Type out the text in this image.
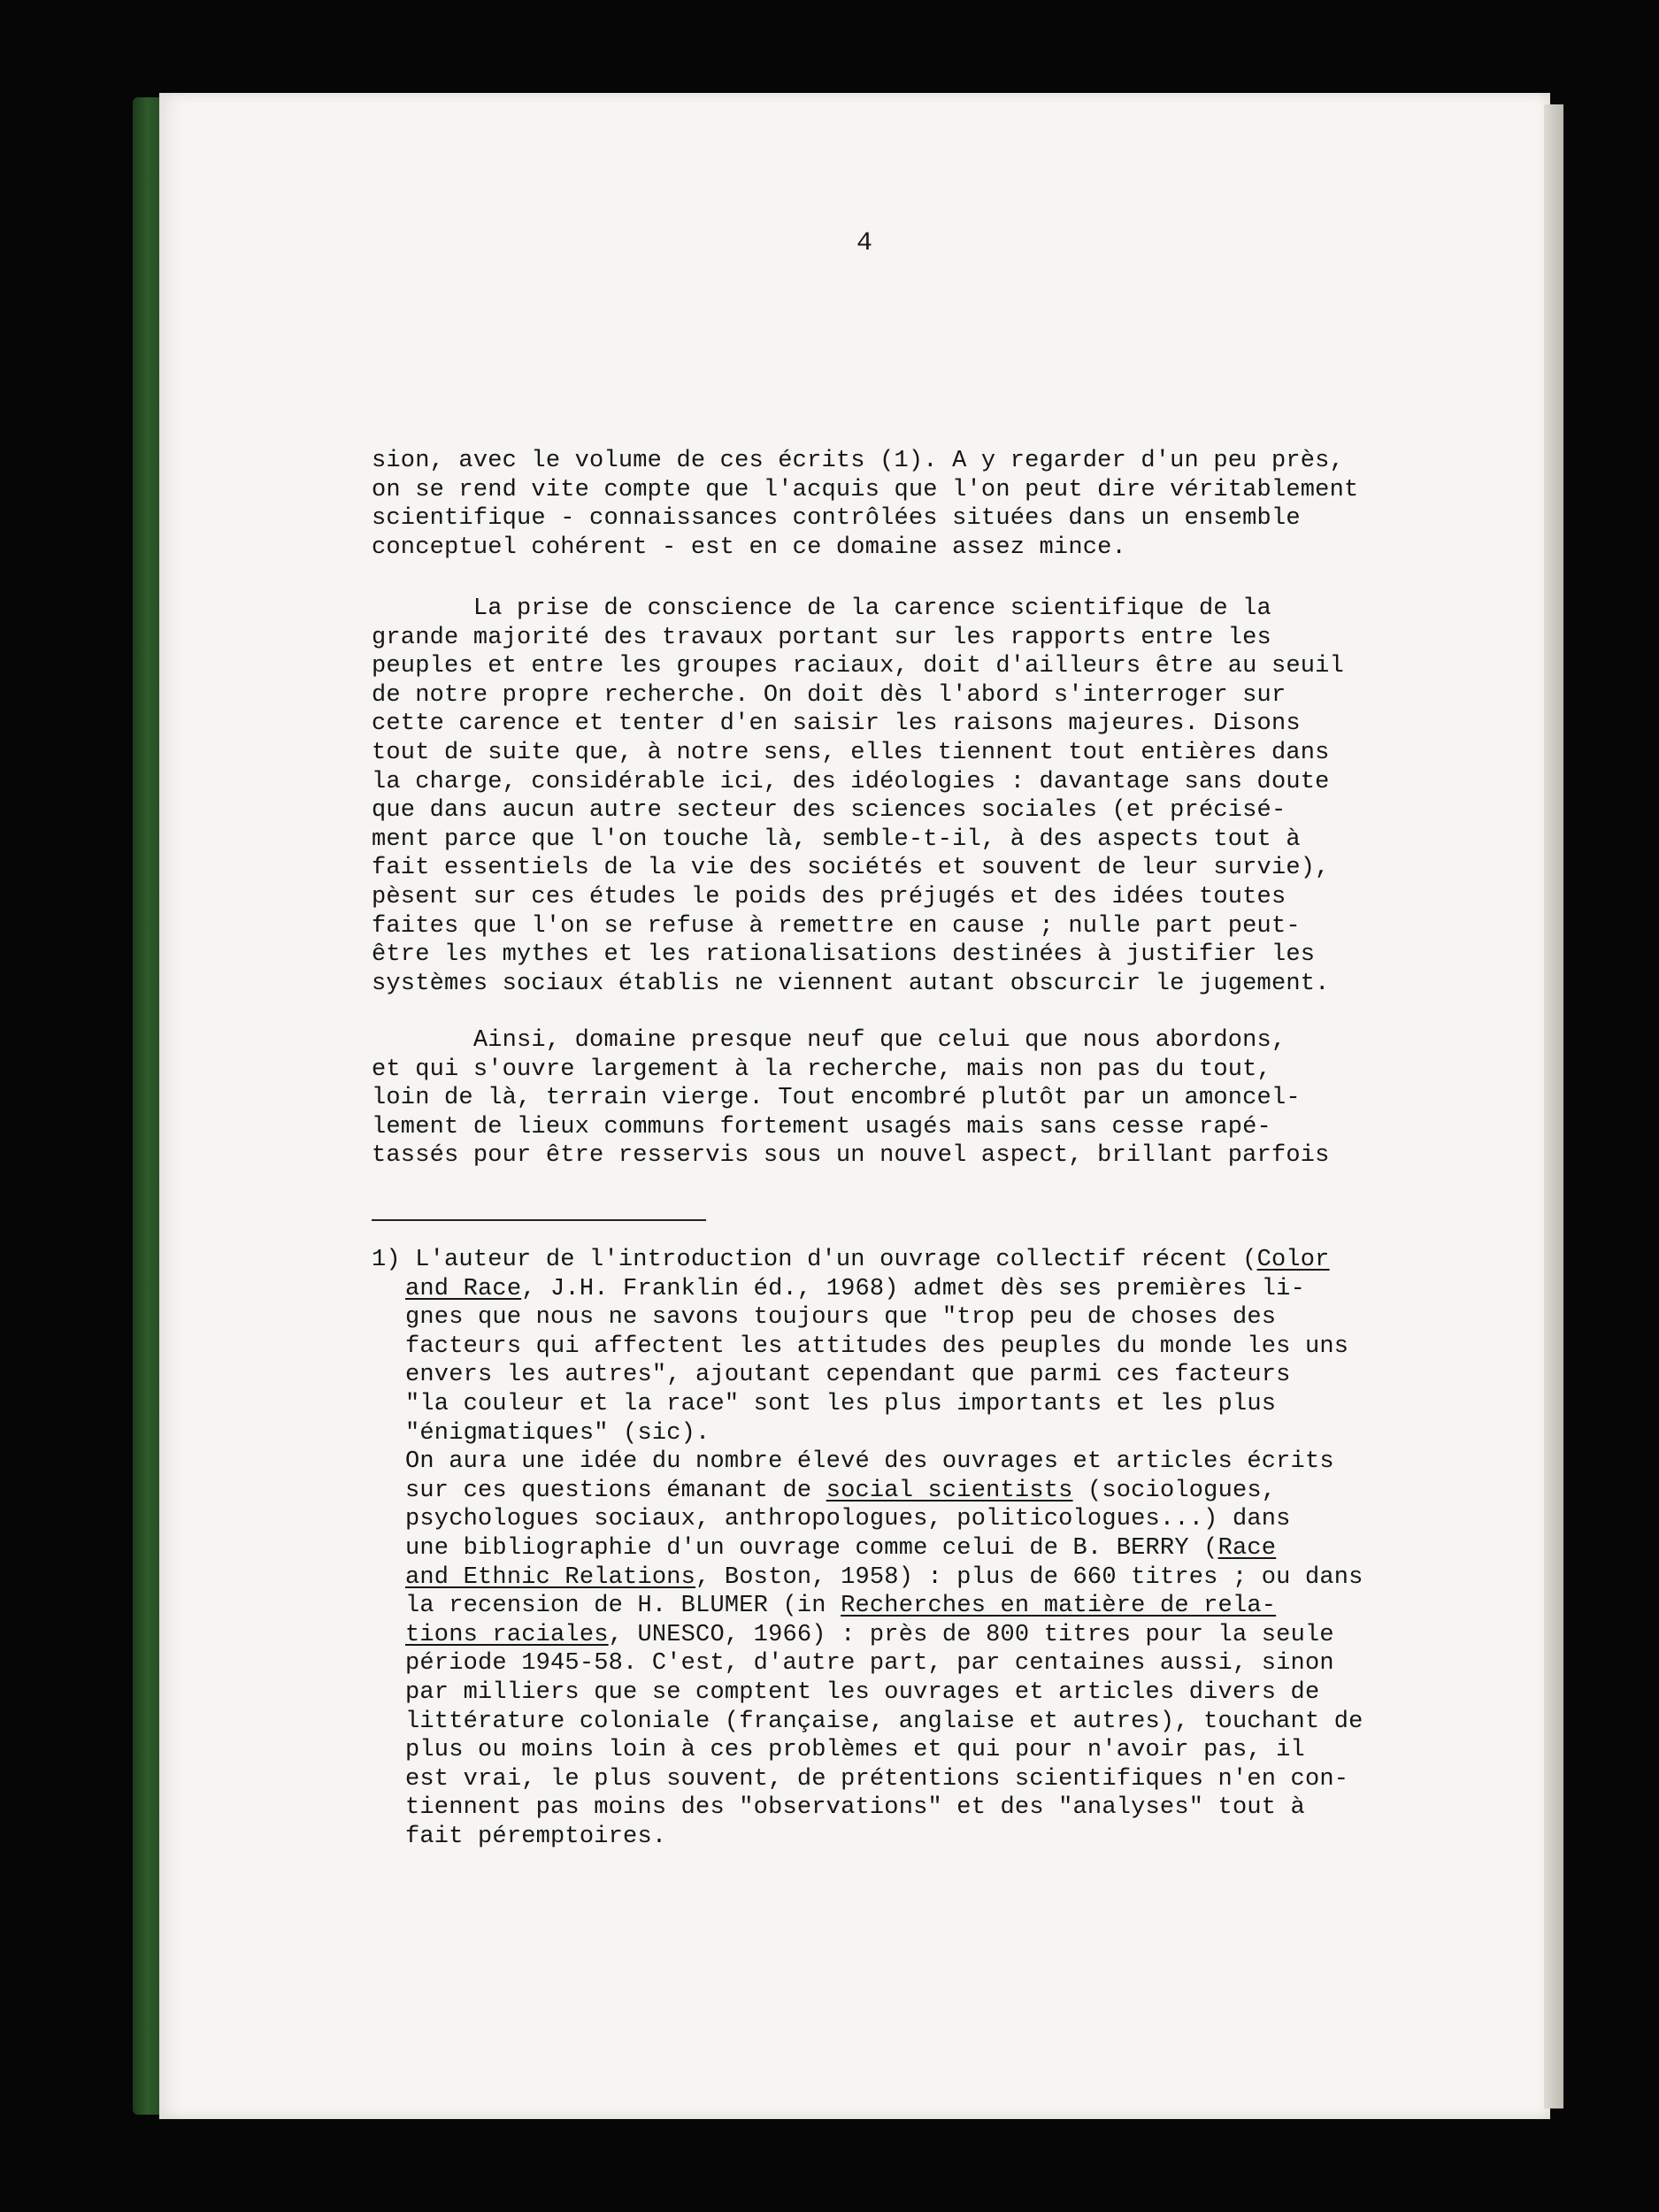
4
sion, avec le volume de ces écrits (1). A y regarder d'un peu près,
on se rend vite compte que l'acquis que l'on peut dire véritablement
scientifique - connaissances contrôlées situées dans un ensemble
conceptuel cohérent - est en ce domaine assez mince.
La prise de conscience de la carence scientifique de la
grande majorité des travaux portant sur les rapports entre les
peuples et entre les groupes raciaux, doit d'ailleurs être au seuil
de notre propre recherche. On doit dès l'abord s'interroger sur
cette carence et tenter d'en saisir les raisons majeures. Disons
tout de suite que, à notre sens, elles tiennent tout entières dans
la charge, considérable ici, des idéologies : davantage sans doute
que dans aucun autre secteur des sciences sociales (et précisé-
ment parce que l'on touche là, semble-t-il, à des aspects tout à
fait essentiels de la vie des sociétés et souvent de leur survie),
pèsent sur ces études le poids des préjugés et des idées toutes
faites que l'on se refuse à remettre en cause ; nulle part peut-
être les mythes et les rationalisations destinées à justifier les
systèmes sociaux établis ne viennent autant obscurcir le jugement.
Ainsi, domaine presque neuf que celui que nous abordons,
et qui s'ouvre largement à la recherche, mais non pas du tout,
loin de là, terrain vierge. Tout encombré plutôt par un amoncel-
lement de lieux communs fortement usagés mais sans cesse rapé-
tassés pour être resservis sous un nouvel aspect, brillant parfois
1) L'auteur de l'introduction d'un ouvrage collectif récent (Color
and Race, J.H. Franklin éd., 1968) admet dès ses premières li-
gnes que nous ne savons toujours que "trop peu de choses des
facteurs qui affectent les attitudes des peuples du monde les uns
envers les autres", ajoutant cependant que parmi ces facteurs
"la couleur et la race" sont les plus importants et les plus
"énigmatiques" (sic).
On aura une idée du nombre élevé des ouvrages et articles écrits
sur ces questions émanant de social scientists (sociologues,
psychologues sociaux, anthropologues, politicologues...) dans
une bibliographie d'un ouvrage comme celui de B. BERRY (Race
and Ethnic Relations, Boston, 1958) : plus de 660 titres ; ou dans
la recension de H. BLUMER (in Recherches en matière de rela-
tions raciales, UNESCO, 1966) : près de 800 titres pour la seule
période 1945-58. C'est, d'autre part, par centaines aussi, sinon
par milliers que se comptent les ouvrages et articles divers de
littérature coloniale (française, anglaise et autres), touchant de
plus ou moins loin à ces problèmes et qui pour n'avoir pas, il
est vrai, le plus souvent, de prétentions scientifiques n'en con-
tiennent pas moins des "observations" et des "analyses" tout à
fait péremptoires.
